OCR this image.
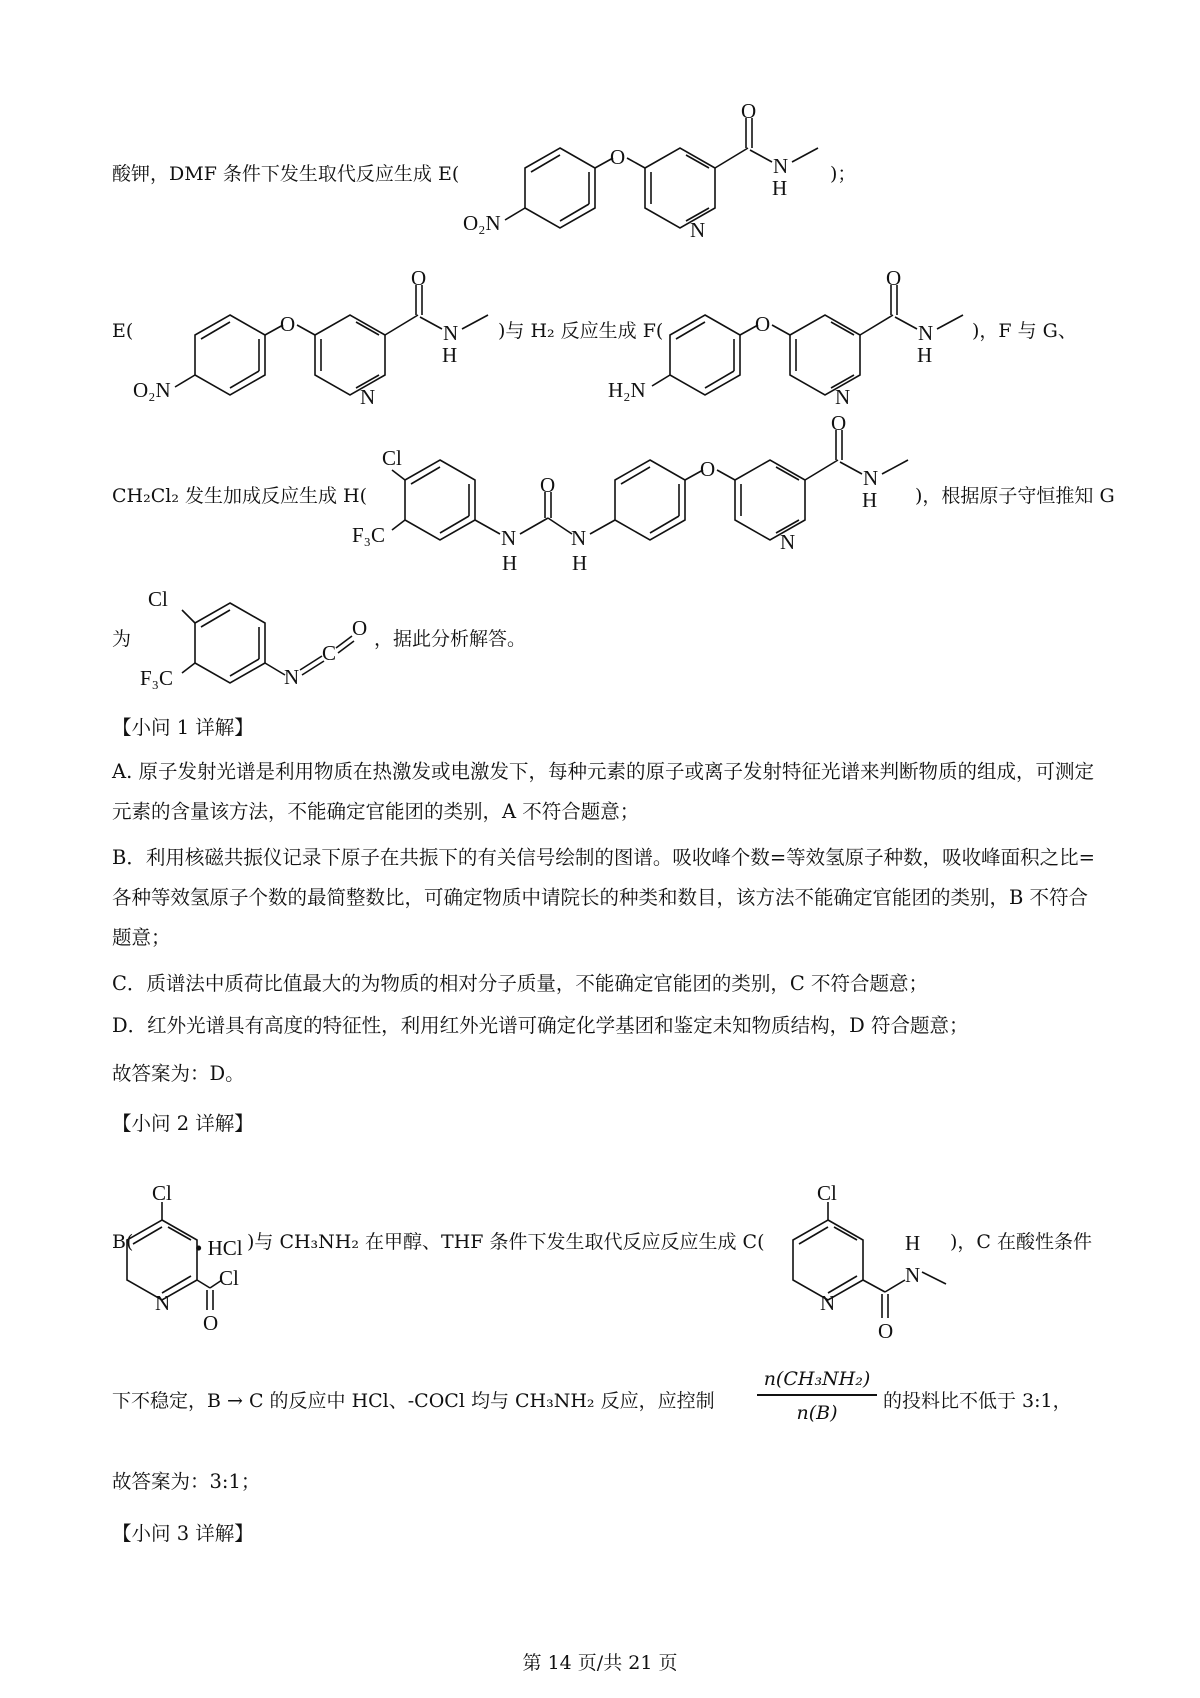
酸钾，DMF 条件下发生取代反应生成 E(
O
O
N
H
N
O₂N
)；
E(	O
O
N
H
N
O₂N
)与 H₂ 反应生成 F(	O
O
N
H
N
H₂N
)，F 与 G、
CH₂Cl₂ 发生加成反应生成 H(
Cl
F₃C	N
H
O
N
H
O
O
N
H
N
)，根据原子守恒推知 G
为
Cl
F₃C	N
C
O ，据此分析解答。
【小问 1 详解】
A. 原子发射光谱是利用物质在热激发或电激发下，每种元素的原子或离子发射特征光谱来判断物质的组成，可测定元素的含量该方法，不能确定官能团的类别，A 不符合题意；
B．利用核磁共振仪记录下原子在共振下的有关信号绘制的图谱。吸收峰个数=等效氢原子种数，吸收峰面积之比=各种等效氢原子个数的最简整数比，可确定物质中请院长的种类和数目，该方法不能确定官能团的类别，B 不符合题意；
C．质谱法中质荷比值最大的为物质的相对分子质量，不能确定官能团的类别，C 不符合题意；
D．红外光谱具有高度的特征性，利用红外光谱可确定化学基团和鉴定未知物质结构，D 符合题意；
故答案为：D。
【小问 2 详解】
B(
Cl
• HCl
Cl
N
O
)与 CH₃NH₂ 在甲醇、THF 条件下发生取代反应反应生成 C(
Cl
H
N
N
O
)，C 在酸性条件
下不稳定，B → C 的反应中 HCl、-COCl 均与 CH₃NH₂ 反应，应控制
n(CH₃NH₂)
n(B)
的投料比不低于 3:1，
故答案为：3:1；
【小问 3 详解】
第 14 页/共 21 页
